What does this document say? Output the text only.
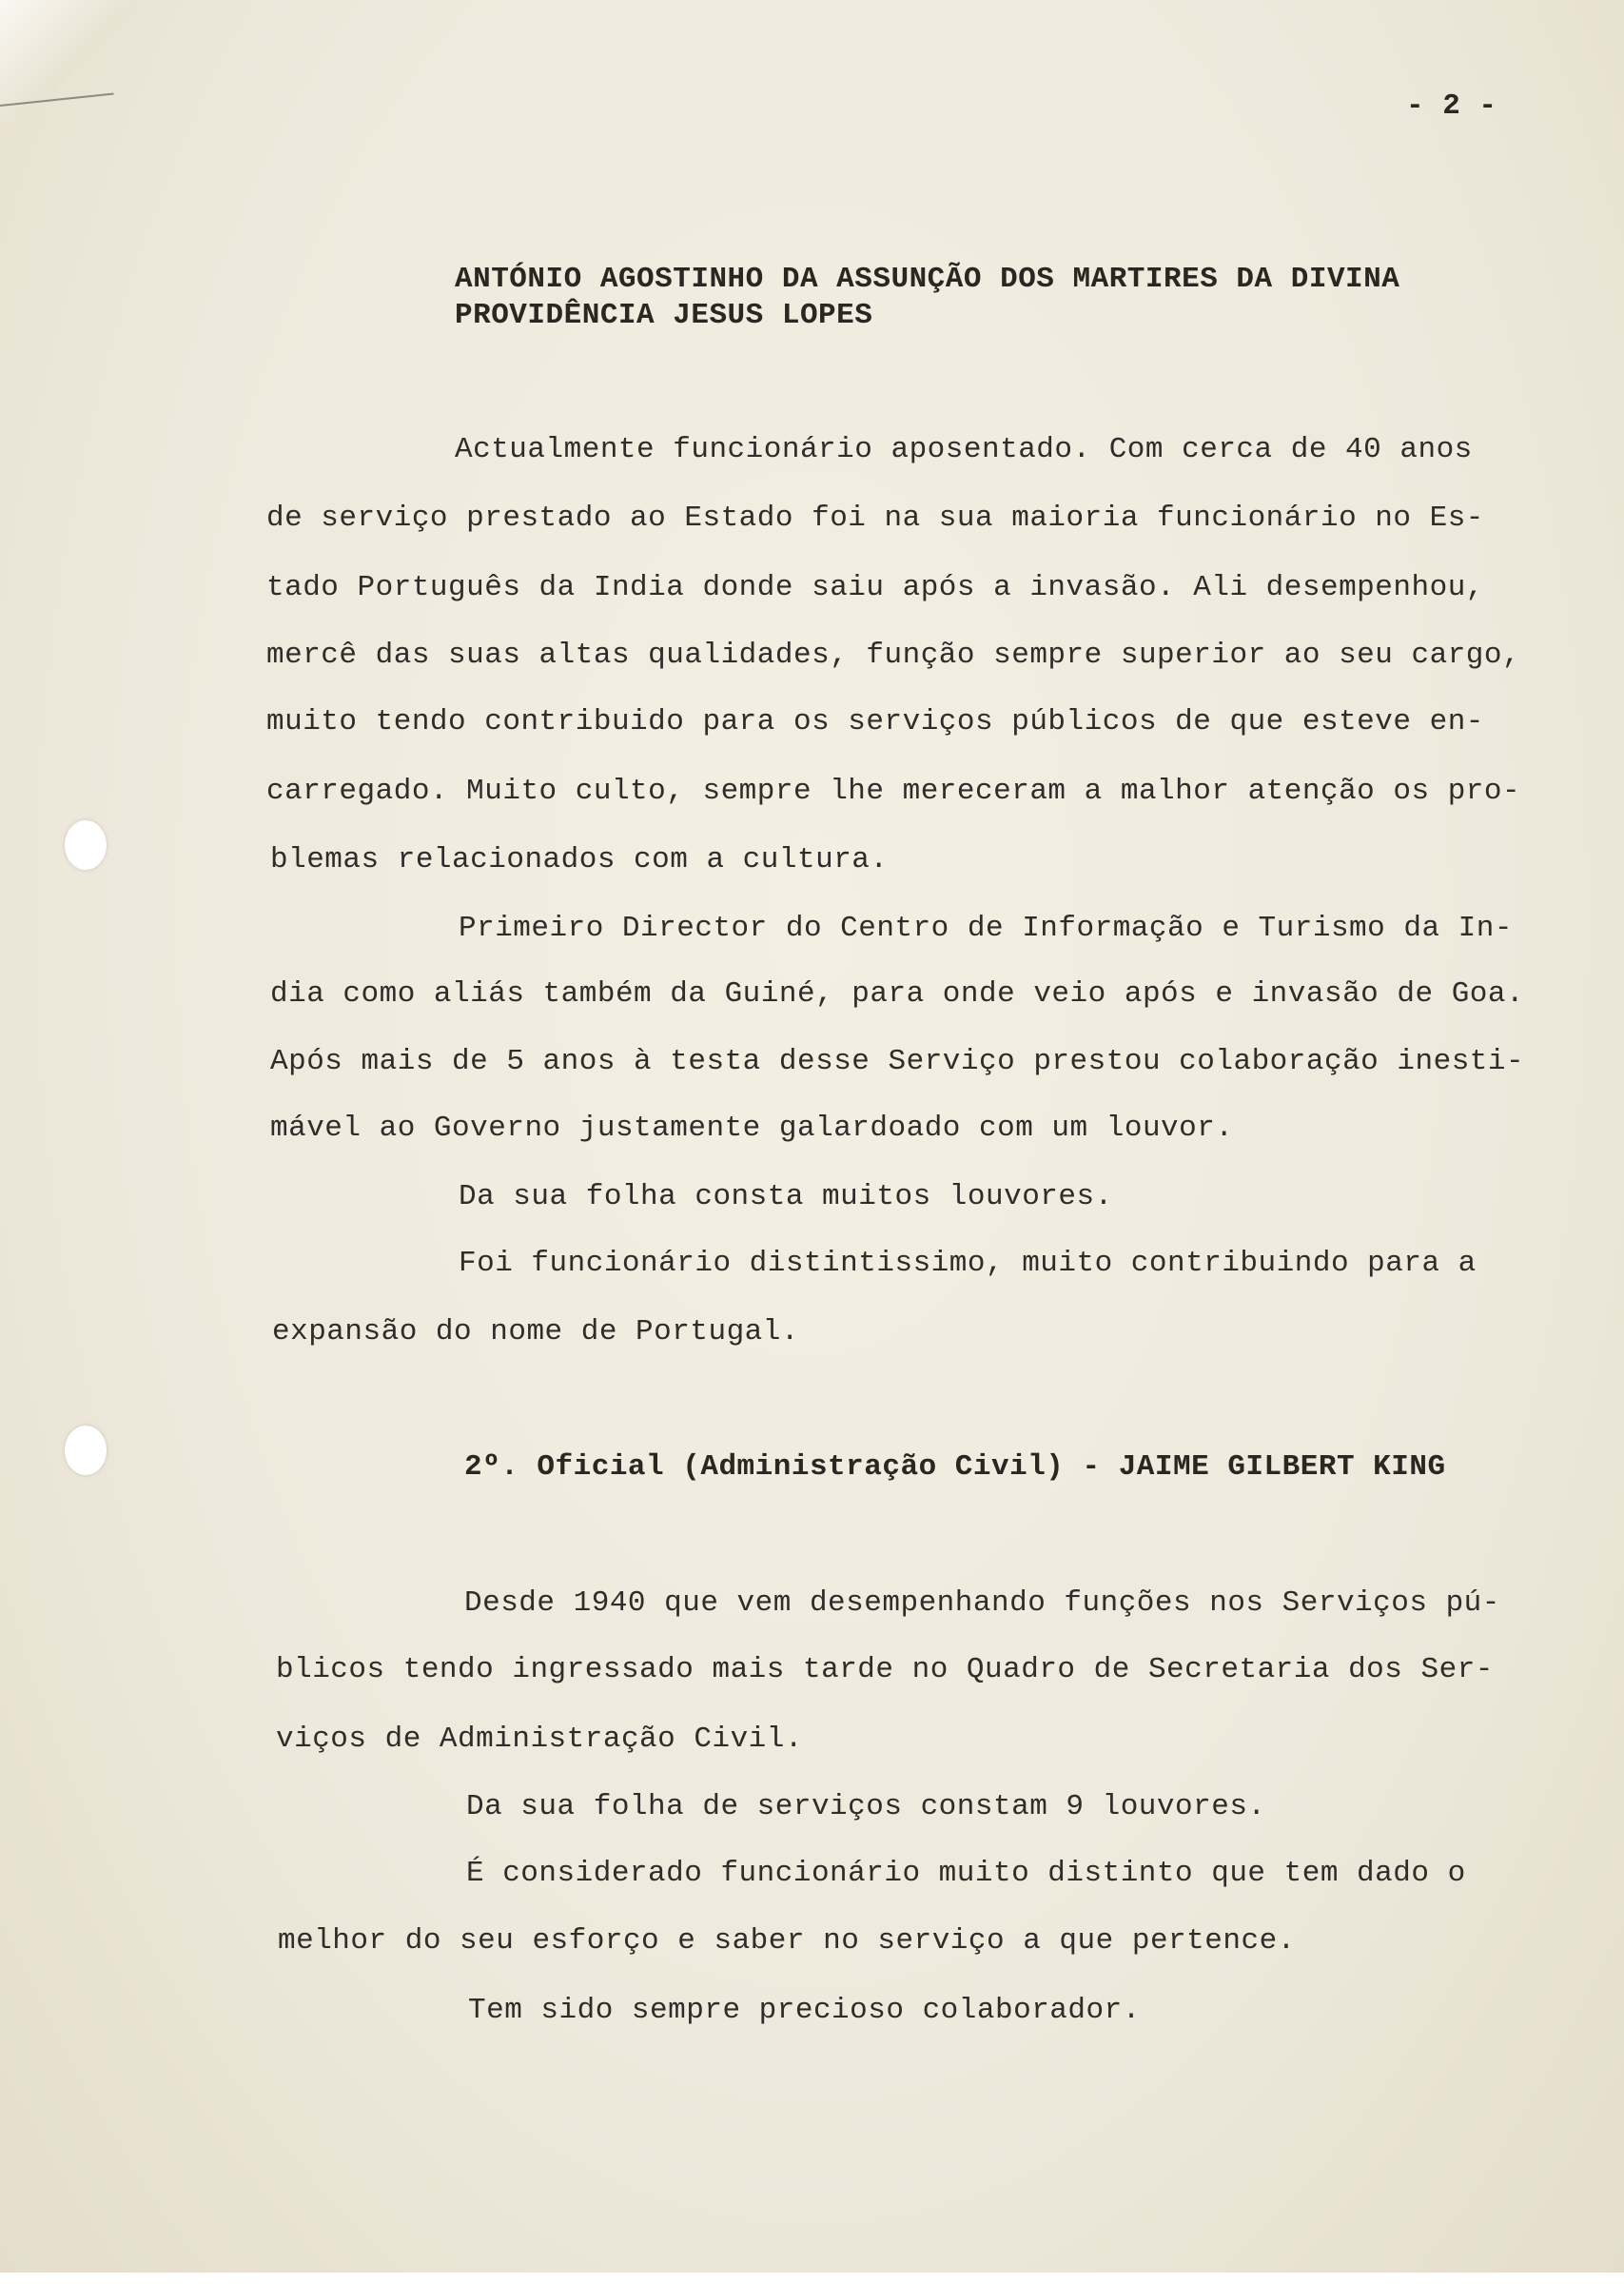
- 2 -
ANTÓNIO AGOSTINHO DA ASSUNÇÃO DOS MARTIRES DA DIVINA
PROVIDÊNCIA JESUS LOPES
Actualmente funcionário aposentado. Com cerca de 40 anos
de serviço prestado ao Estado foi na sua maioria funcionário no Es-
tado Português da India donde saiu após a invasão. Ali desempenhou,
mercê das suas altas qualidades, função sempre superior ao seu cargo,
muito tendo contribuido para os serviços públicos de que esteve en-
carregado. Muito culto, sempre lhe mereceram a malhor atenção os pro-
blemas relacionados com a cultura.
Primeiro Director do Centro de Informação e Turismo da In-
dia como aliás também da Guiné, para onde veio após e invasão de Goa.
Após mais de 5 anos à testa desse Serviço prestou colaboração inesti-
mável ao Governo justamente galardoado com um louvor.
Da sua folha consta muitos louvores.
Foi funcionário distintissimo, muito contribuindo para a
expansão do nome de Portugal.
2º. Oficial (Administração Civil) - JAIME GILBERT KING
Desde 1940 que vem desempenhando funções nos Serviços pú-
blicos tendo ingressado mais tarde no Quadro de Secretaria dos Ser-
viços de Administração Civil.
Da sua folha de serviços constam 9 louvores.
É considerado funcionário muito distinto que tem dado o
melhor do seu esforço e saber no serviço a que pertence.
Tem sido sempre precioso colaborador.
